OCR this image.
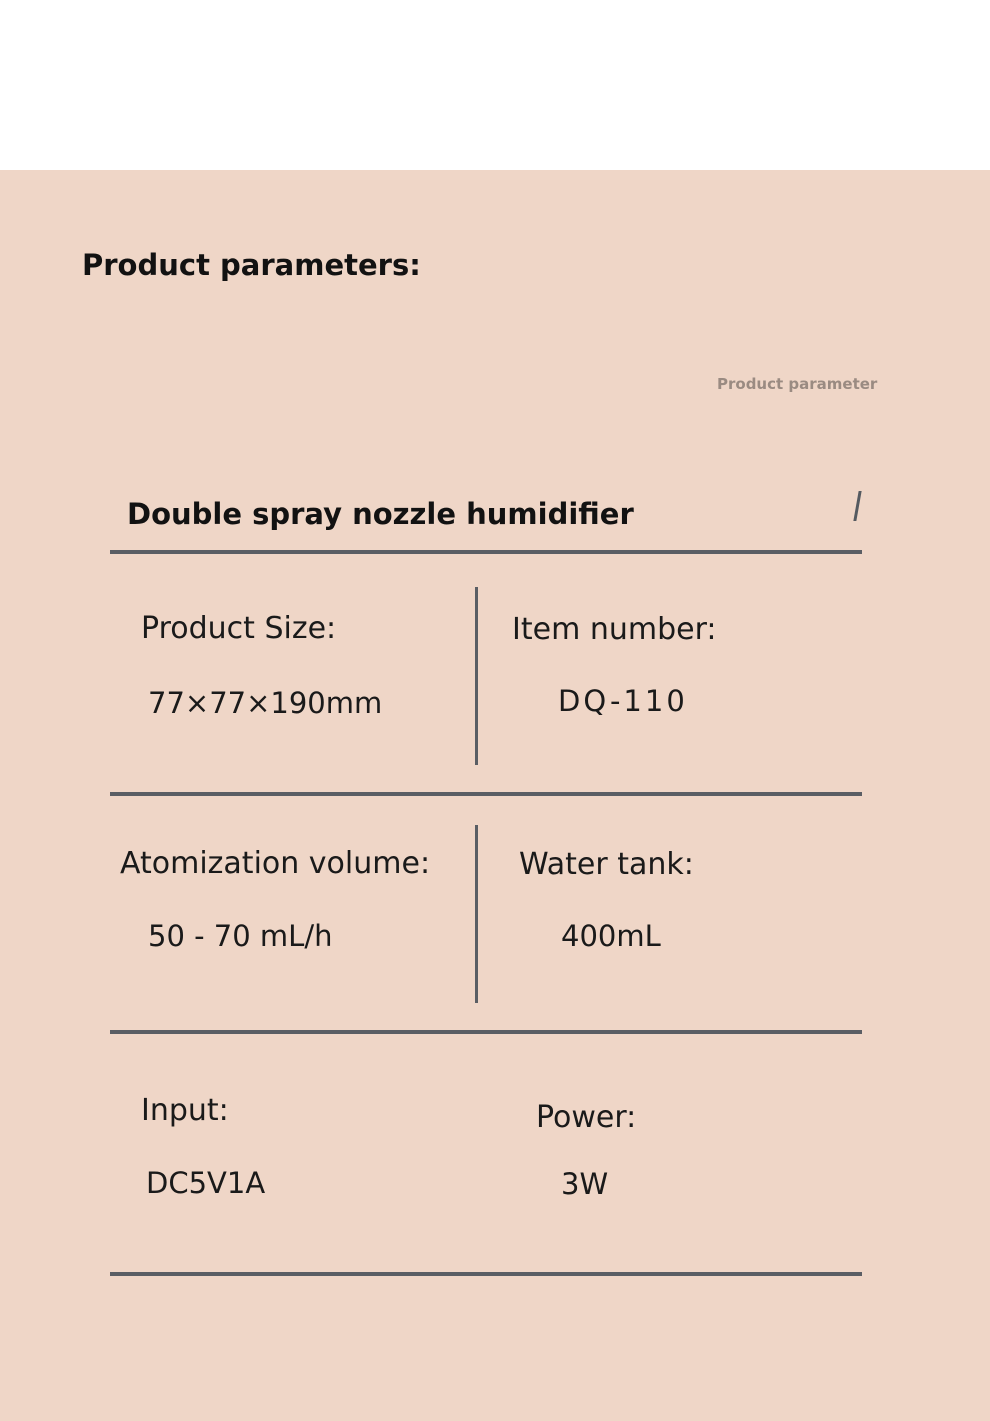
Product parameters:
Product parameter
Double spray nozzle humidifier
Product Size:
77×77×190mm
Item number:
DQ-110
Atomization volume:
50 - 70 mL/h
Water tank:
400mL
Input:
DC5V1A
Power:
3W
